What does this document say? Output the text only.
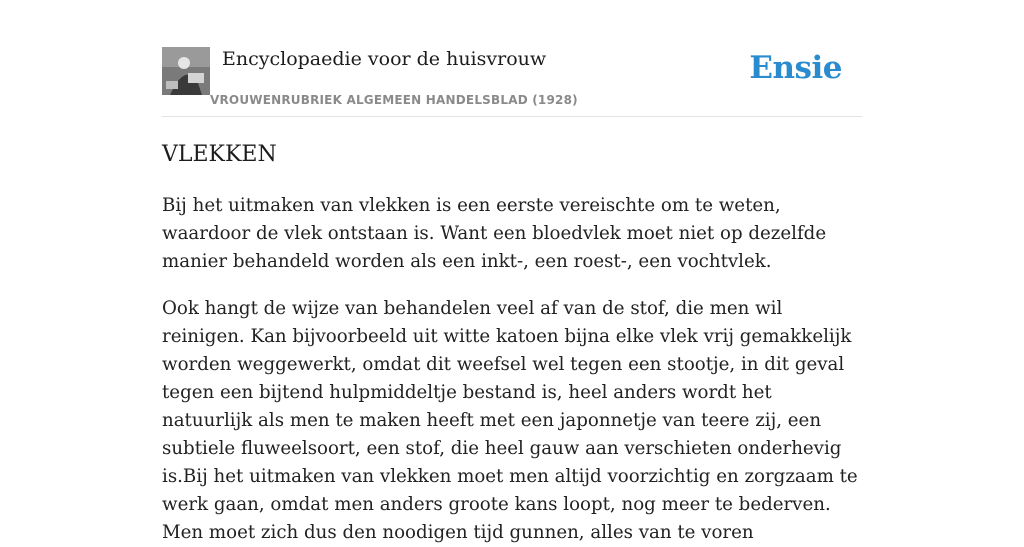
Encyclopaedie voor de huisvrouw
VROUWENRUBRIEK ALGEMEEN HANDELSBLAD (1928)
Ensie
VLEKKEN

Bij het uitmaken van vlekken is een eerste vereischte om te weten, waardoor de vlek ontstaan is. Want een bloedvlek moet niet op dezelfde manier behandeld worden als een inkt-, een roest-, een vochtvlek.

Ook hangt de wijze van behandelen veel af van de stof, die men wil reinigen. Kan bijvoorbeeld uit witte katoen bijna elke vlek vrij gemakkelijk worden weggewerkt, omdat dit weefsel wel tegen een stootje, in dit geval tegen een bijtend hulpmiddeltje bestand is, heel anders wordt het natuurlijk als men te maken heeft met een japonnetje van teere zij, een subtiele fluweelsoort, een stof, die heel gauw aan verschieten onderhevig is.Bij het uitmaken van vlekken moet men altijd voorzichtig en zorgzaam te werk gaan, omdat men anders groote kans loopt, nog meer te bederven. Men moet zich dus den noodigen tijd gunnen, alles van te voren
